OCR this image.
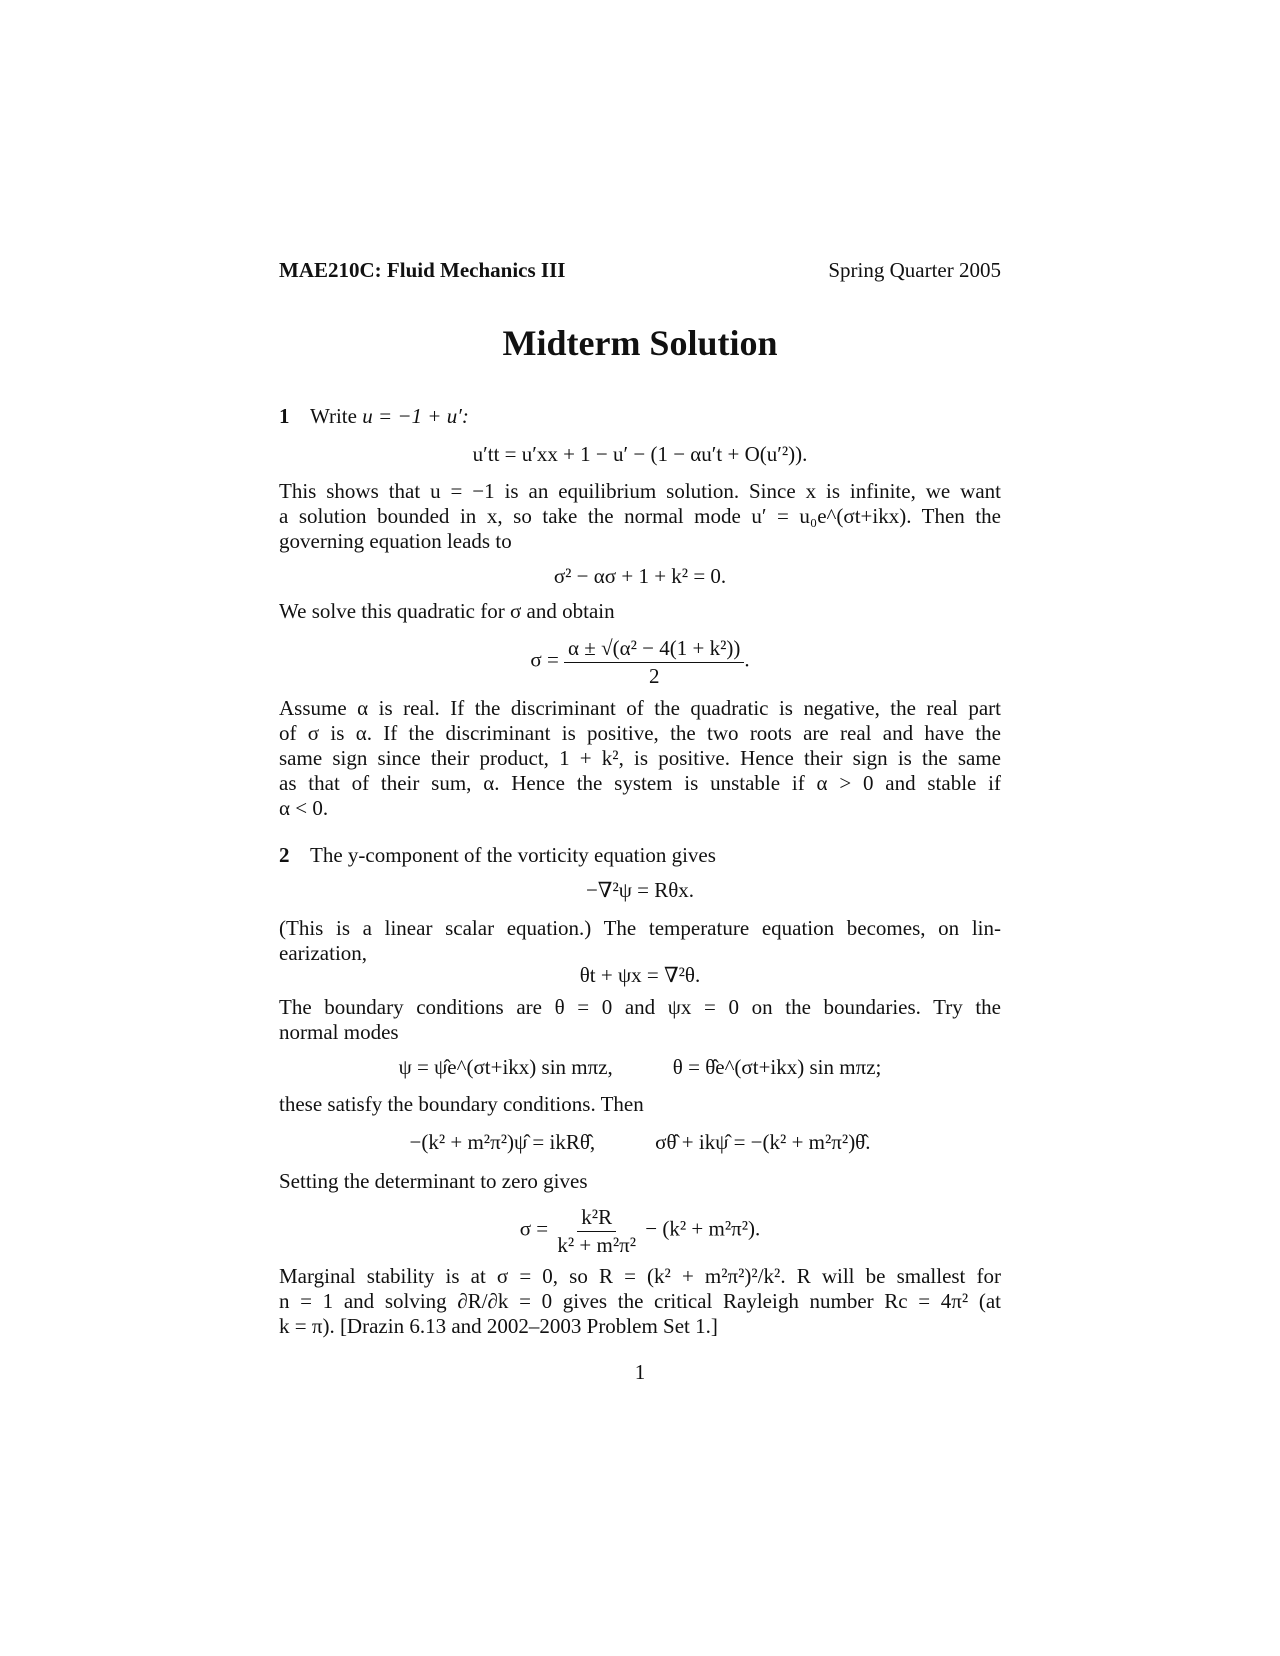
MAE210C: Fluid Mechanics III	Spring Quarter 2005
Midterm Solution
1 Write u = −1 + u′:
u′tt = u′xx + 1 − u′ − (1 − αu′t + O(u′²)).
This shows that u = −1 is an equilibrium solution. Since x is infinite, we want
a solution bounded in x, so take the normal mode u′ = u₀e^(σt+ikx). Then the
governing equation leads to
σ² − ασ + 1 + k² = 0.
We solve this quadratic for σ and obtain
$\sigma = \frac{\text{α ± √(α² − 4(1 + k²))}}{2}$ .
Assume α is real. If the discriminant of the quadratic is negative, the real part
of σ is α. If the discriminant is positive, the two roots are real and have the
same sign since their product, 1 + k², is positive. Hence their sign is the same
as that of their sum, α. Hence the system is unstable if α > 0 and stable if
α < 0.
2 The y-component of the vorticity equation gives
−∇²ψ = Rθx.
(This is a linear scalar equation.) The temperature equation becomes, on lin-
earization,
θt + ψx = ∇²θ.
The boundary conditions are θ = 0 and ψx = 0 on the boundaries. Try the
normal modes
ψ = ψ̂e^(σt+ikx) sin mπz,	θ = θ̂e^(σt+ikx) sin mπz;
these satisfy the boundary conditions. Then
−(k² + m²π²)ψ̂ = ikRθ̂,	σθ̂ + ikψ̂ = −(k² + m²π²)θ̂.
Setting the determinant to zero gives
$\sigma = \frac{\text{k²R}}{\text{k² + m²π²}} - (k^2 + m^2\pi^2)$.
Marginal stability is at σ = 0, so R = (k² + m²π²)²/k². R will be smallest for
n = 1 and solving ∂R/∂k = 0 gives the critical Rayleigh number Rc = 4π² (at
k = π). [Drazin 6.13 and 2002–2003 Problem Set 1.]
1
